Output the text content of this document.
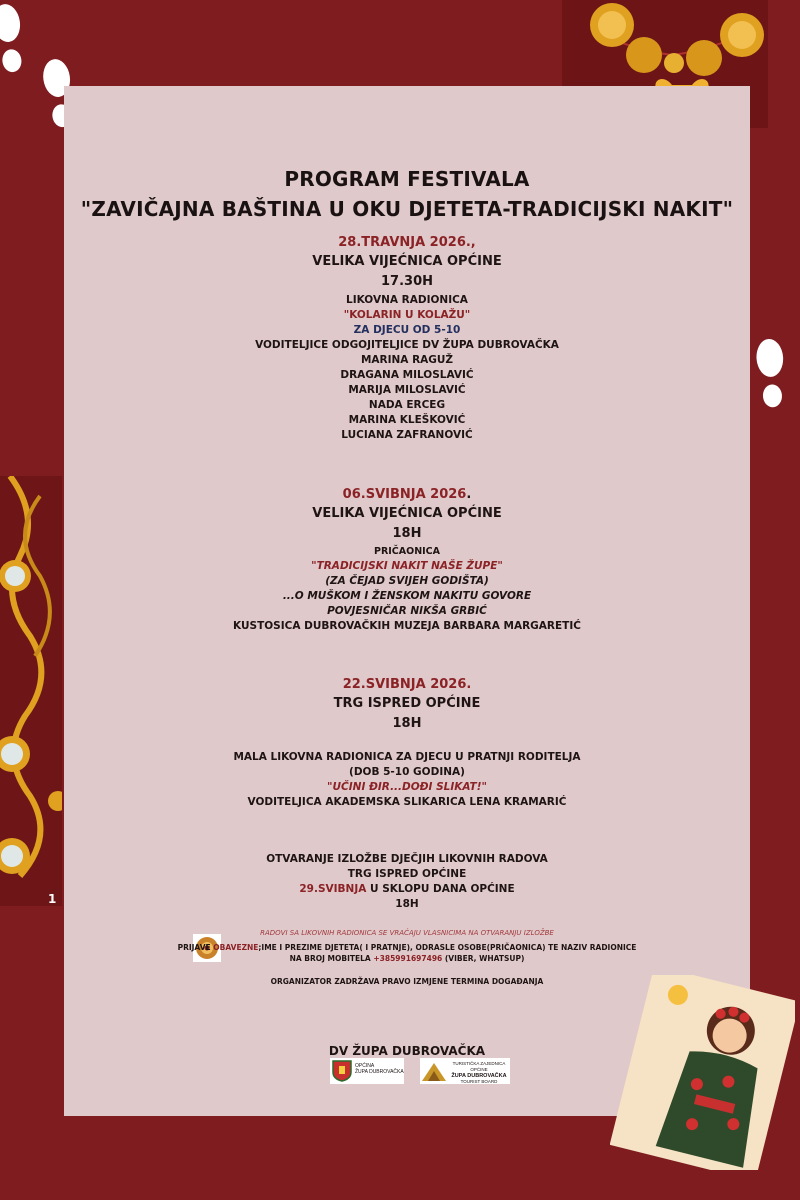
1
PROGRAM FESTIVALA
"ZAVIČAJNA BAŠTINA U OKU DJETETA-TRADICIJSKI NAKIT"
28.TRAVNJA 2026.,
VELIKA VIJEĆNICA OPĆINE
17.30H
LIKOVNA RADIONICA
"KOLARIN U KOLAŽU"
ZA DJECU OD 5-10
VODITELJICE ODGOJITELJICE DV ŽUPA DUBROVAČKA
MARINA RAGUŽ
DRAGANA MILOSLAVIĆ
MARIJA MILOSLAVIĆ
NADA ERCEG
MARINA KLEŠKOVIĆ
LUCIANA ZAFRANOVIĆ
06.SVIBNJA 2026.
VELIKA VIJEĆNICA OPĆINE
18H
PRIČAONICA
"TRADICIJSKI NAKIT NAŠE ŽUPE"
(ZA ČEJAD SVIJEH GODIŠTA)
...O MUŠKOM I ŽENSKOM NAKITU GOVORE
POVJESNIČAR NIKŠA GRBIĆ
KUSTOSICA DUBROVAČKIH MUZEJA BARBARA MARGARETIĆ
22.SVIBNJA 2026.
TRG ISPRED OPĆINE
18H
MALA LIKOVNA RADIONICA ZA DJECU U PRATNJI RODITELJA
(DOB 5-10 GODINA)
"UČINI ĐIR...DOĐI SLIKAT!"
VODITELJICA AKADEMSKA SLIKARICA LENA KRAMARIĆ
OTVARANJE IZLOŽBE DJEČJIH LIKOVNIH RADOVA
TRG ISPRED OPĆINE
29.SVIBNJA U SKLOPU DANA OPĆINE
18H
RADOVI SA LIKOVNIH RADIONICA SE VRAĆAJU VLASNICIMA NA OTVARANJU IZLOŽBE
PRIJAVE OBAVEZNE;IME I PREZIME DJETETA( I PRATNJE), ODRASLE OSOBE(PRIČAONICA) TE NAZIV RADIONICE
NA BROJ MOBITELA +385991697496 (VIBER, WHATSUP)
ORGANIZATOR ZADRŽAVA PRAVO IZMJENE TERMINA DOGAĐANJA
DV ŽUPA DUBROVAČKA
OPĆINA
ŽUPA DUBROVAČKA
TURISTIČKA ZAJEDNICA OPĆINE
ŽUPA DUBROVAČKA
TOURIST BOARD
